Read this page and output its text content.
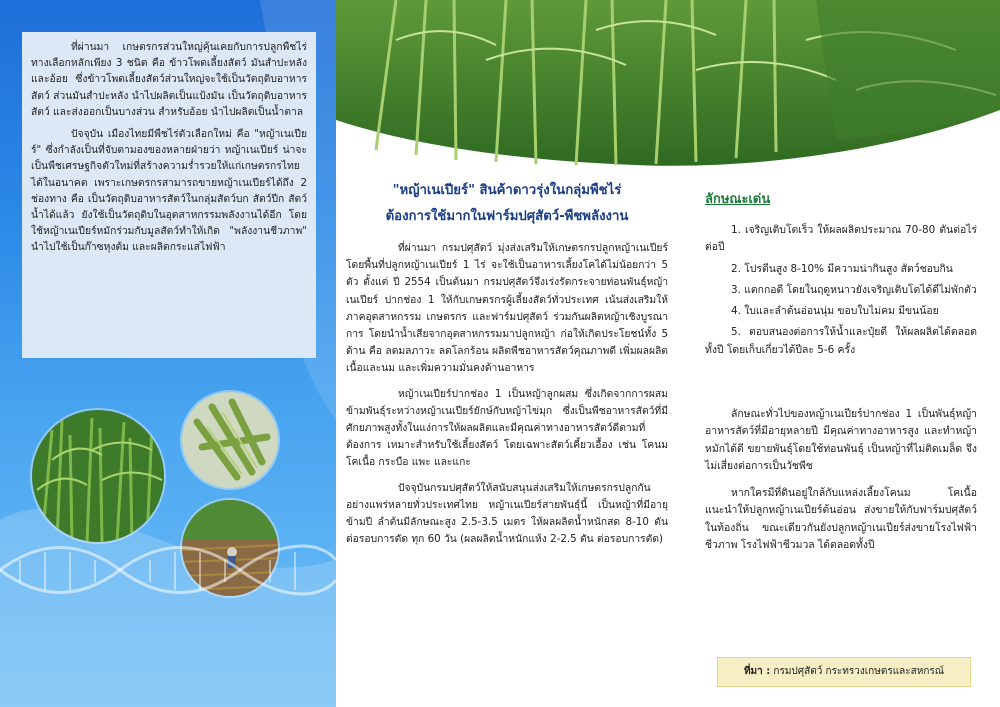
ที่ผ่านมา เกษตรกรส่วนใหญ่คุ้นเคยกับการปลูกพืชไร่ทางเลือกหลักเพียง 3 ชนิด คือ ข้าวโพดเลี้ยงสัตว์ มันสำปะหลัง และอ้อย ซึ่งข้าวโพดเลี้ยงสัตว์ส่วนใหญ่จะใช้เป็นวัตถุดิบอาหารสัตว์ ส่วนมันสำปะหลัง นำไปผลิตเป็นแป้งมัน เป็นวัตถุดิบอาหารสัตว์ และส่งออกเป็นบางส่วน สำหรับอ้อย นำไปผลิตเป็นน้ำตาล

ปัจจุบัน เมืองไทยมีพืชไร่ตัวเลือกใหม่ คือ "หญ้าเนเปียร์" ซึ่งกำลังเป็นที่จับตามองของหลายฝ่ายว่า หญ้าเนเปียร์ น่าจะเป็นพืชเศรษฐกิจตัวใหม่ที่สร้างความร่ำรวยให้แก่เกษตรกรไทยได้ในอนาคต เพราะเกษตรกรสามารถขายหญ้าเนเปียร์ได้ถึง 2 ช่องทาง คือ เป็นวัตถุดิบอาหารสัตว์ในกลุ่มสัตว์บก สัตว์ปีก สัตว์น้ำได้แล้ว ยังใช้เป็นวัตถุดิบในอุตสาหกรรมพลังงานได้อีก โดยใช้หญ้าเนเปียร์หมักร่วมกับมูลสัตว์ทำให้เกิด "พลังงานชีวภาพ" นำไปใช้เป็นก๊าซหุงต้ม และผลิตกระแสไฟฟ้า

"หญ้าเนเปียร์" สินค้าดาวรุ่งในกลุ่มพืชไร่
ต้องการใช้มากในฟาร์มปศุสัตว์-พืชพลังงาน

ที่ผ่านมา กรมปศุสัตว์ มุ่งส่งเสริมให้เกษตรกรปลูกหญ้าเนเปียร์ โดยพื้นที่ปลูกหญ้าเนเปียร์ 1 ไร่ จะใช้เป็นอาหารเลี้ยงโคได้ไม่น้อยกว่า 5 ตัว ตั้งแต่ ปี 2554 เป็นต้นมา กรมปศุสัตว์จึงเร่งรัดกระจายท่อนพันธุ์หญ้าเนเปียร์ ปากช่อง 1 ให้กับเกษตรกรผู้เลี้ยงสัตว์ทั่วประเทศ เน้นส่งเสริมให้ภาคอุตสาหกรรม เกษตรกร และฟาร์มปศุสัตว์ ร่วมกันผลิตหญ้าเชิงบูรณาการ โดยนำน้ำเสียจากอุตสาหกรรมมาปลูกหญ้า ก่อให้เกิดประโยชน์ทั้ง 5 ด้าน คือ ลดมลภาวะ ลดโลกร้อน ผลิตพืชอาหารสัตว์คุณภาพดี เพิ่มผลผลิตเนื้อและนม และเพิ่มความมั่นคงด้านอาหาร

หญ้าเนเปียร์ปากช่อง 1 เป็นหญ้าลูกผสม ซึ่งเกิดจากการผสมข้ามพันธุ์ระหว่างหญ้าเนเปียร์ยักษ์กับหญ้าไข่มุก ซึ่งเป็นพืชอาหารสัตว์ที่มีศักยภาพสูงทั้งในแง่การให้ผลผลิตและมีคุณค่าทางอาหารสัตว์ดีตามที่ต้องการ เหมาะสำหรับใช้เลี้ยงสัตว์ โดยเฉพาะสัตว์เคี้ยวเอื้อง เช่น โคนม โคเนื้อ กระบือ แพะ และแกะ

ปัจจุบันกรมปศุสัตว์ให้สนับสนุนส่งเสริมให้เกษตรกรปลูกกันอย่างแพร่หลายทั่วประเทศไทย หญ้าเนเปียร์สายพันธุ์นี้ เป็นหญ้าที่มีอายุข้ามปี ลำต้นมีลักษณะสูง 2.5-3.5 เมตร ให้ผลผลิตน้ำหนักสด 8-10 ตัน ต่อรอบการตัด ทุก 60 วัน (ผลผลิตน้ำหนักแห้ง 2-2.5 ตัน ต่อรอบการตัด)

ลักษณะเด่น
1. เจริญเติบโตเร็ว ให้ผลผลิตประมาณ 70-80 ตันต่อไร่ ต่อปี
2. โปรตีนสูง 8-10% มีความน่ากินสูง สัตว์ชอบกิน
3. แตกกอดี โดยในฤดูหนาวยังเจริญเติบโตได้ดีไม่พักตัว
4. ใบและลำต้นอ่อนนุ่ม ขอบใบไม่คม มีขนน้อย
5. ตอบสนองต่อการให้น้ำและปุ๋ยดี ให้ผลผลิตได้ตลอดทั้งปี โดยเก็บเกี่ยวได้ปีละ 5-6 ครั้ง

ลักษณะทั่วไปของหญ้าเนเปียร์ปากช่อง 1 เป็นพันธุ์หญ้าอาหารสัตว์ที่มีอายุหลายปี มีคุณค่าทางอาหารสูง และทำหญ้าหมักได้ดี ขยายพันธุ์โดยใช้ท่อนพันธุ์ เป็นหญ้าที่ไม่ติดเมล็ด จึงไม่เสี่ยงต่อการเป็นวัชพืช

หากใครมีที่ดินอยู่ใกล้กับแหล่งเลี้ยงโคนม โคเนื้อ แนะนำให้ปลูกหญ้าเนเปียร์ต้นอ่อน ส่งขายให้กับฟาร์มปศุสัตว์ในท้องถิ่น ขณะเดียวกันยังปลูกหญ้าเนเปียร์ส่งขายโรงไฟฟ้าชีวภาพ โรงไฟฟ้าชีวมวล ได้ตลอดทั้งปี

ที่มา : กรมปศุสัตว์ กระทรวงเกษตรและสหกรณ์
